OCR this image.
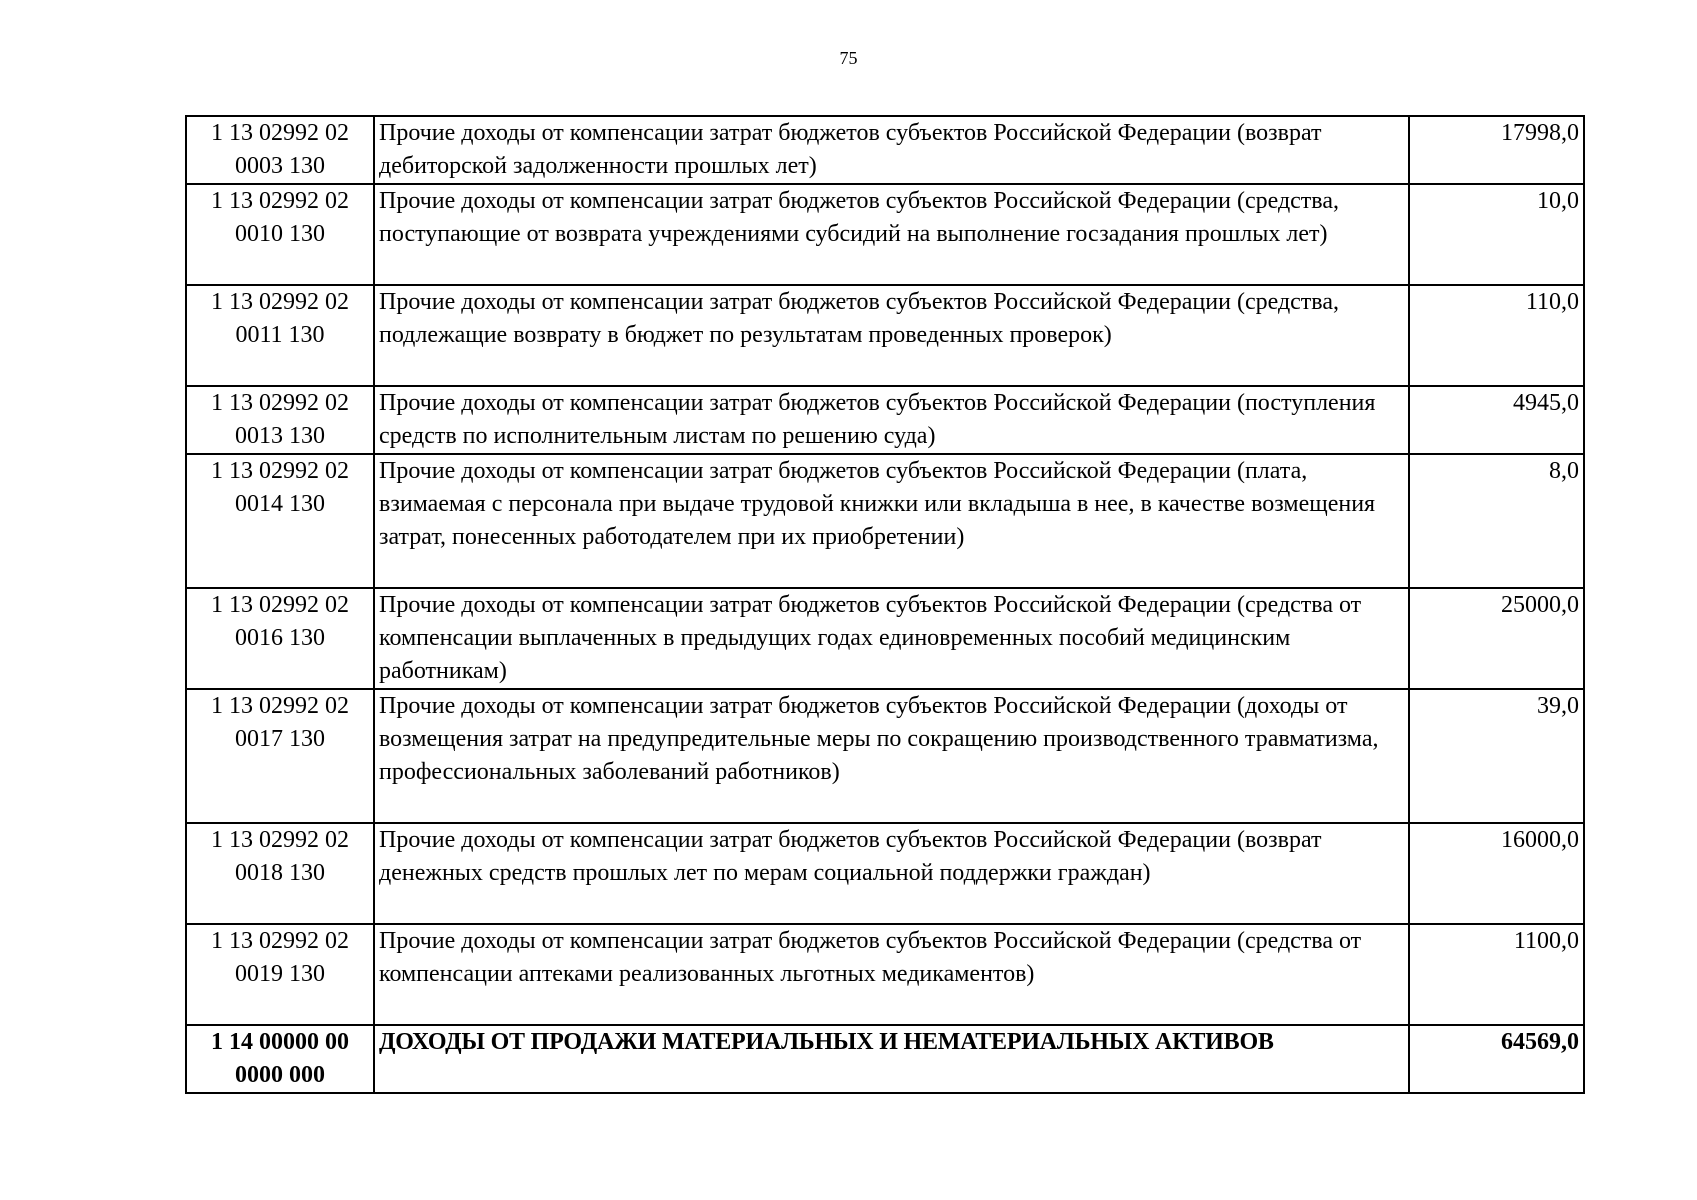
75
1 13 02992 02 0003 130	Прочие доходы от компенсации затрат бюджетов субъектов Российской Федерации (возврат дебиторской задолженности прошлых лет)	17998,0
1 13 02992 02 0010 130	Прочие доходы от компенсации затрат бюджетов субъектов Российской Федерации (средства, поступающие от возврата учреждениями субсидий на выполнение госзадания прошлых лет)	10,0
1 13 02992 02 0011 130	Прочие доходы от компенсации затрат бюджетов субъектов Российской Федерации (средства, подлежащие возврату в бюджет по результатам проведенных проверок)	110,0
1 13 02992 02 0013 130	Прочие доходы от компенсации затрат бюджетов субъектов Российской Федерации (поступления средств по исполнительным листам по решению суда)	4945,0
1 13 02992 02 0014 130	Прочие доходы от компенсации затрат бюджетов субъектов Российской Федерации (плата, взимаемая с персонала при выдаче трудовой книжки или вкладыша в нее, в качестве возмещения затрат, понесенных работодателем при их приобретении)	8,0
1 13 02992 02 0016 130	Прочие доходы от компенсации затрат бюджетов субъектов Российской Федерации (средства от компенсации выплаченных в предыдущих годах единовременных пособий медицинским работникам)	25000,0
1 13 02992 02 0017 130	Прочие доходы от компенсации затрат бюджетов субъектов Российской Федерации (доходы от возмещения затрат на предупредительные меры по сокращению производственного травматизма, профессиональных заболеваний работников)	39,0
1 13 02992 02 0018 130	Прочие доходы от компенсации затрат бюджетов субъектов Российской Федерации (возврат денежных средств прошлых лет по мерам социальной поддержки граждан)	16000,0
1 13 02992 02 0019 130	Прочие доходы от компенсации затрат бюджетов субъектов Российской Федерации (средства от компенсации аптеками реализованных льготных медикаментов)	1100,0
1 14 00000 00 0000 000	ДОХОДЫ ОТ ПРОДАЖИ МАТЕРИАЛЬНЫХ И НЕМАТЕРИАЛЬНЫХ АКТИВОВ	64569,0
